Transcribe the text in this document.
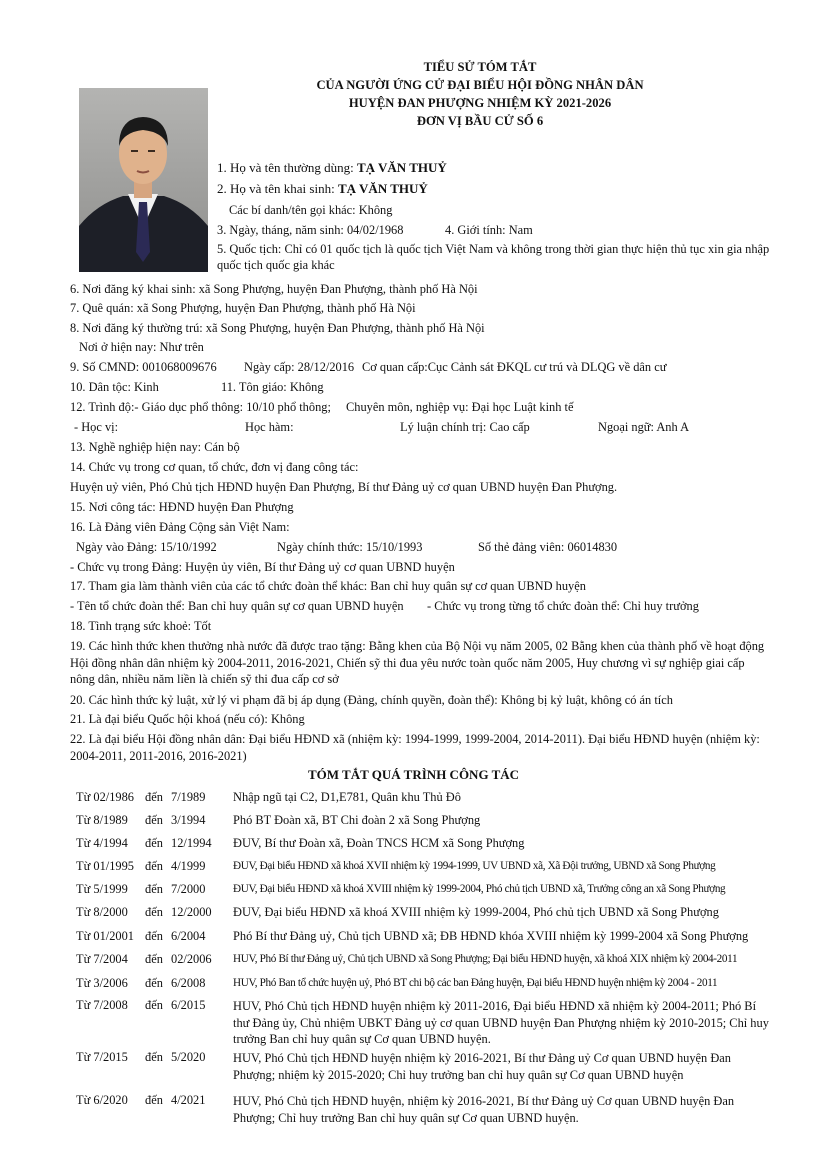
TIỂU SỬ TÓM TẮT
CỦA NGƯỜI ỨNG CỬ ĐẠI BIỂU HỘI ĐỒNG NHÂN DÂN
HUYỆN ĐAN PHƯỢNG NHIỆM KỲ 2021-2026
ĐƠN VỊ BẦU CỬ SỐ 6
1. Họ và tên thường dùng: TẠ VĂN THUỶ
2. Họ và tên khai sinh: TẠ VĂN THUỶ
Các bí danh/tên gọi khác: Không
3. Ngày, tháng, năm sinh: 04/02/1968	4. Giới tính: Nam
5. Quốc tịch: Chỉ có 01 quốc tịch là quốc tịch Việt Nam và không trong thời gian thực hiện thủ tục xin gia nhập
quốc tịch quốc gia khác
6. Nơi đăng ký khai sinh: xã Song Phượng, huyện Đan Phượng, thành phố Hà Nội
7. Quê quán: xã Song Phượng, huyện Đan Phượng, thành phố Hà Nội
8. Nơi đăng ký thường trú: xã Song Phượng, huyện Đan Phượng, thành phố Hà Nội
Nơi ở hiện nay: Như trên
9. Số CMND: 001068009676 Ngày cấp: 28/12/2016 Cơ quan cấp:Cục Cảnh sát ĐKQL cư trú và DLQG về dân cư
10. Dân tộc: Kinh	11. Tôn giáo: Không
12. Trình độ:- Giáo dục phổ thông: 10/10 phổ thông; Chuyên môn, nghiệp vụ: Đại học Luật kinh tế
- Học vị:	Học hàm:	Lý luận chính trị: Cao cấp	Ngoại ngữ: Anh A
13. Nghề nghiệp hiện nay: Cán bộ
14. Chức vụ trong cơ quan, tổ chức, đơn vị đang công tác:
Huyện uỷ viên, Phó Chủ tịch HĐND huyện Đan Phượng, Bí thư Đảng uỷ cơ quan UBND huyện Đan Phượng.
15. Nơi công tác: HĐND huyện Đan Phượng
16. Là Đảng viên Đảng Cộng sản Việt Nam:
Ngày vào Đảng: 15/10/1992	Ngày chính thức: 15/10/1993	Số thẻ đảng viên: 06014830
- Chức vụ trong Đảng: Huyện ủy viên, Bí thư Đảng uỷ cơ quan UBND huyện
17. Tham gia làm thành viên của các tổ chức đoàn thể khác: Ban chỉ huy quân sự cơ quan UBND huyện
- Tên tổ chức đoàn thể: Ban chỉ huy quân sự cơ quan UBND huyện - Chức vụ trong từng tổ chức đoàn thể: Chỉ huy trưởng
18. Tình trạng sức khoẻ: Tốt
19. Các hình thức khen thưởng nhà nước đã được trao tặng: Bằng khen của Bộ Nội vụ năm 2005, 02 Bằng khen của thành phố về hoạt động Hội đồng nhân dân nhiệm kỳ 2004-2011, 2016-2021, Chiến sỹ thi đua yêu nước toàn quốc năm 2005, Huy chương vì sự nghiệp giai cấp nông dân, nhiều năm liền là chiến sỹ thi đua cấp cơ sở
20. Các hình thức kỷ luật, xử lý vi phạm đã bị áp dụng (Đảng, chính quyền, đoàn thể): Không bị kỷ luật, không có án tích
21. Là đại biểu Quốc hội khoá (nếu có): Không
22. Là đại biểu Hội đồng nhân dân: Đại biểu HĐND xã (nhiệm kỳ: 1994-1999, 1999-2004, 2014-2011). Đại biểu HĐND huyện (nhiệm kỳ: 2004-2011, 2011-2016, 2016-2021)
TÓM TẮT QUÁ TRÌNH CÔNG TÁC
Từ 02/1986 đến 7/1989 Nhập ngũ tại C2, D1,E781, Quân khu Thủ Đô
Từ 8/1989 đến 3/1994 Phó BT Đoàn xã, BT Chi đoàn 2 xã Song Phượng
Từ 4/1994 đến 12/1994 ĐUV, Bí thư Đoàn xã, Đoàn TNCS HCM xã Song Phượng
Từ 01/1995 đến 4/1999 ĐUV, Đại biểu HĐND xã khoá XVII nhiệm kỳ 1994-1999, UV UBND xã, Xã Đội trưởng, UBND xã Song Phượng
Từ 5/1999 đến 7/2000 ĐUV, Đại biểu HĐND xã khoá XVIII nhiệm kỳ 1999-2004, Phó chủ tịch UBND xã, Trưởng công an xã Song Phượng
Từ 8/2000 đến 12/2000 ĐUV, Đại biểu HĐND xã khoá XVIII nhiệm kỳ 1999-2004, Phó chủ tịch UBND xã Song Phượng
Từ 01/2001 đến 6/2004 Phó Bí thư Đảng uỷ, Chủ tịch UBND xã; ĐB HĐND khóa XVIII nhiệm kỳ 1999-2004 xã Song Phượng
Từ 7/2004 đến 02/2006 HUV, Phó Bí thư Đảng uỷ, Chủ tịch UBND xã Song Phượng; Đại biểu HĐND huyện, xã khoá XIX nhiệm kỳ 2004-2011
Từ 3/2006 đến 6/2008 HUV, Phó Ban tổ chức huyện uỷ, Phó BT chi bộ các ban Đảng huyện, Đại biểu HĐND huyện nhiệm kỳ 2004 - 2011
Từ 7/2008 đến 6/2015 HUV, Phó Chủ tịch HĐND huyện nhiệm kỳ 2011-2016, Đại biểu HĐND xã nhiệm kỳ 2004-2011; Phó Bí thư Đảng ủy, Chủ nhiệm UBKT Đảng uỷ cơ quan UBND huyện Đan Phượng nhiệm kỳ 2010-2015; Chỉ huy trưởng Ban chỉ huy quân sự Cơ quan UBND huyện.
Từ 7/2015 đến 5/2020 HUV, Phó Chủ tịch HĐND huyện nhiệm kỳ 2016-2021, Bí thư Đảng uỷ Cơ quan UBND huyện Đan Phượng; nhiệm kỳ 2015-2020; Chỉ huy trưởng ban chỉ huy quân sự Cơ quan UBND huyện
Từ 6/2020 đến 4/2021 HUV, Phó Chủ tịch HĐND huyện, nhiệm kỳ 2016-2021, Bí thư Đảng uỷ Cơ quan UBND huyện Đan Phượng; Chỉ huy trưởng Ban chỉ huy quân sự Cơ quan UBND huyện.
